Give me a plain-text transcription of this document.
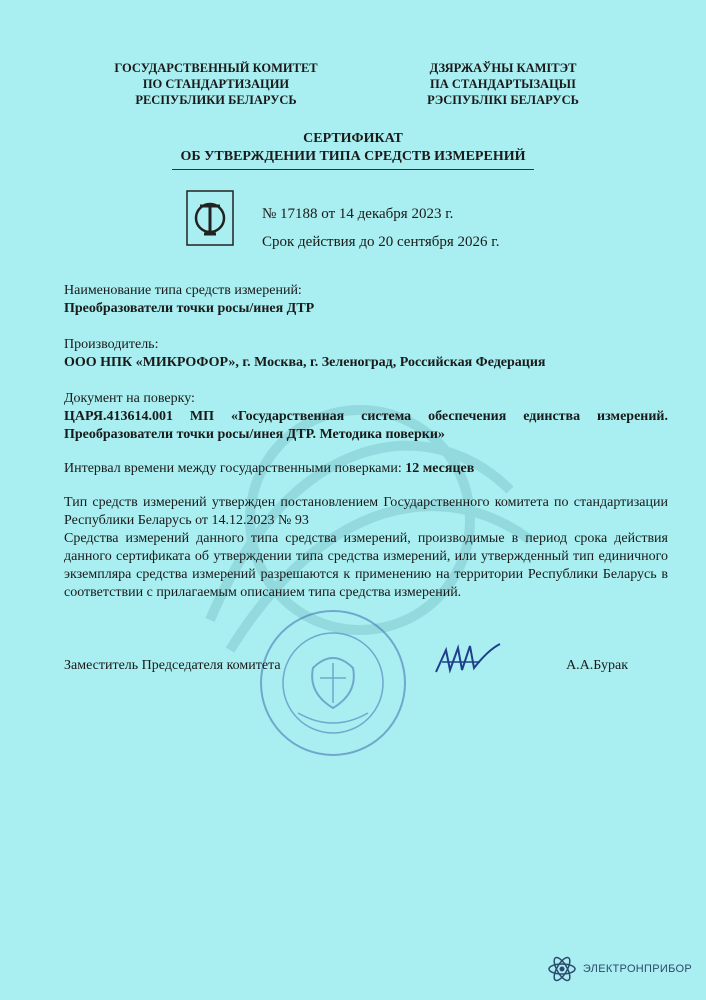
ГОСУДАРСТВЕННЫЙ КОМИТЕТ
ПО СТАНДАРТИЗАЦИИ
РЕСПУБЛИКИ БЕЛАРУСЬ
ДЗЯРЖАЎНЫ КАМІТЭТ
ПА СТАНДАРТЫЗАЦЫІ
РЭСПУБЛІКІ БЕЛАРУСЬ
СЕРТИФИКАТ
ОБ УТВЕРЖДЕНИИ ТИПА СРЕДСТВ ИЗМЕРЕНИЙ
№ 17188 от 14 декабря 2023 г.
Срок действия до 20 сентября 2026 г.
Наименование типа средств измерений:
Преобразователи точки росы/инея ДТР
Производитель:
ООО НПК «МИКРОФОР», г. Москва, г. Зеленоград, Российская Федерация
Документ на поверку:
ЦАРЯ.413614.001 МП «Государственная система обеспечения единства измерений. Преобразователи точки росы/инея ДТР. Методика поверки»
Интервал времени между государственными поверками: 12 месяцев
Тип средств измерений утвержден постановлением Государственного комитета по стандартизации Республики Беларусь от 14.12.2023 № 93
Средства измерений данного типа средства измерений, производимые в период срока действия данного сертификата об утверждении типа средства измерений, или утвержденный тип единичного экземпляра средства измерений разрешаются к применению на территории Республики Беларусь в соответствии с прилагаемым описанием типа средства измерений.
Заместитель Председателя комитета	А.А.Бурак
ЭЛЕКТРОНПРИБОР
